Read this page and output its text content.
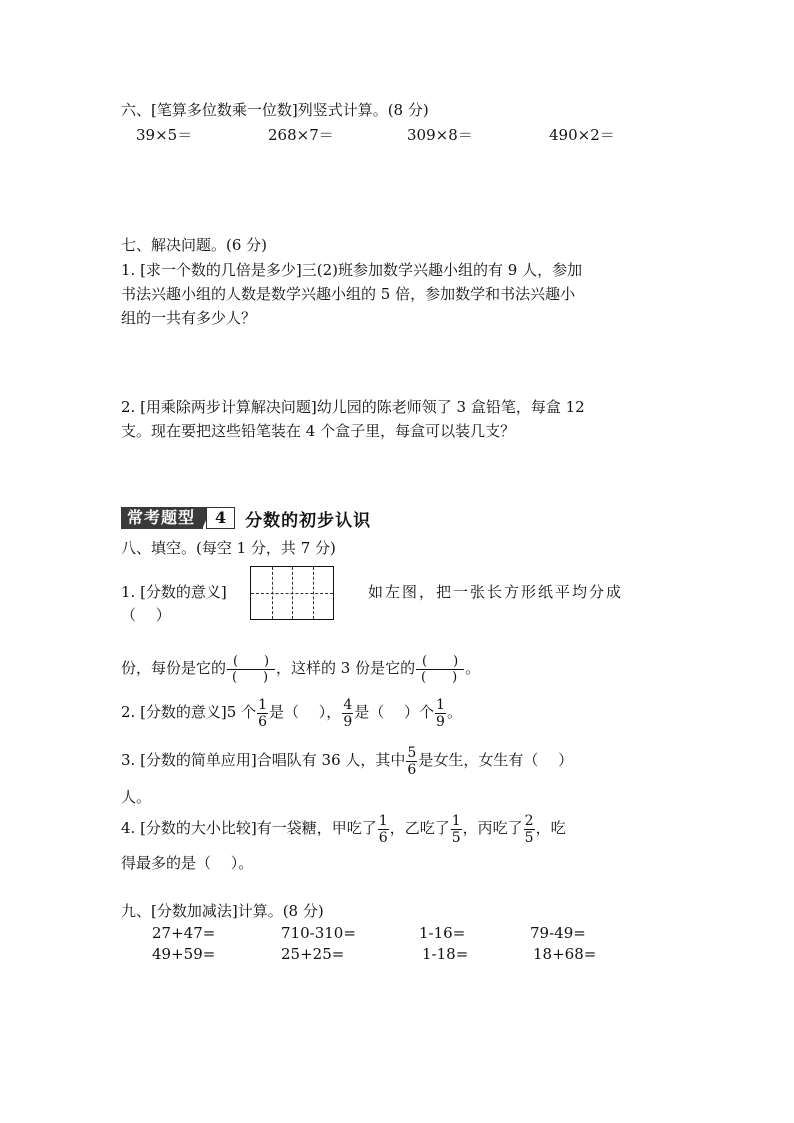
六、[笔算多位数乘一位数]列竖式计算。(8 分)
39×5＝	268×7＝	309×8＝	490×2＝
七、解决问题。(6 分)
1. [求一个数的几倍是多少]三(2)班参加数学兴趣小组的有 9 人，参加
书法兴趣小组的人数是数学兴趣小组的 5 倍，参加数学和书法兴趣小
组的一共有多少人？
2. [用乘除两步计算解决问题]幼儿园的陈老师领了 3 盒铅笔，每盒 12
支。现在要把这些铅笔装在 4 个盒子里，每盒可以装几支？
常考题型	4	分数的初步认识
八、填空。(每空 1 分，共 7 分)
1. [分数的意义]	如左图，把一张长方形纸平均分成
（　 ）
份，每份是它的 $\frac{( )}{( )}$ ，这样的 3 份是它的 $\frac{( )}{( )}$ 。
2. [分数的意义]5 个 $\frac{1}{6}$ 是（　 ）， $\frac{4}{9}$ 是（　 ）个 $\frac{1}{9}$ 。
3. [分数的简单应用]合唱队有 36 人，其中 $\frac{5}{6}$ 是女生，女生有（　 ）
人。
4. [分数的大小比较]有一袋糖，甲吃了 $\frac{1}{6}$ ，乙吃了 $\frac{1}{5}$ ，丙吃了 $\frac{2}{5}$ ，吃
得最多的是（　 ）。
九、[分数加减法]计算。(8 分)
27+47=	710-310=	1-16=	79-49=
49+59=	25+25=	1-18=	18+68=
